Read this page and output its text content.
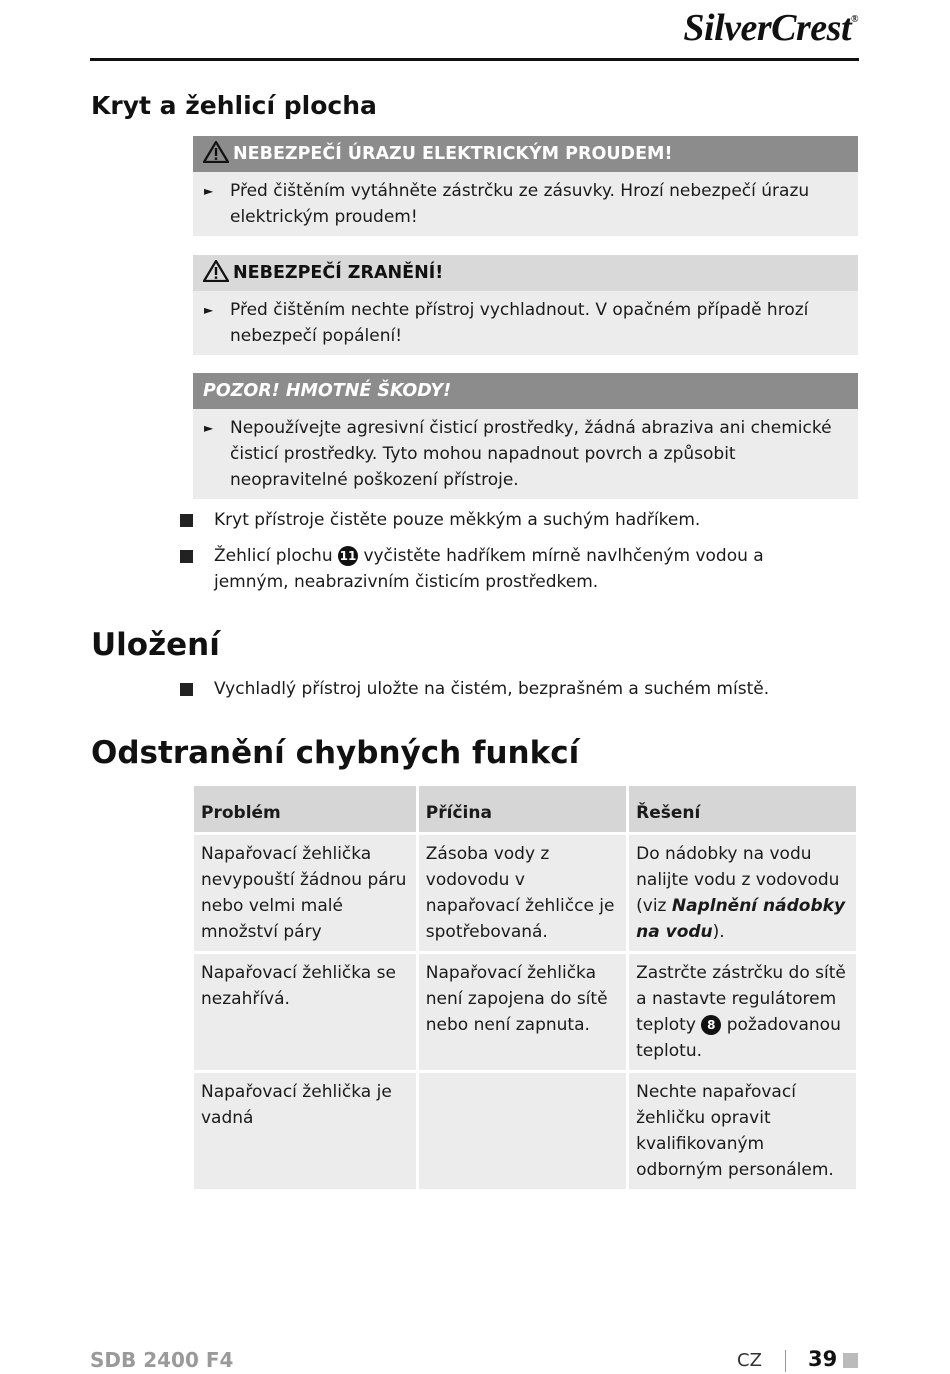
SilverCrest®
Kryt a žehlicí plocha
NEBEZPEČÍ ÚRAZU ELEKTRICKÝM PROUDEM!
► Před čištěním vytáhněte zástrčku ze zásuvky. Hrozí nebezpečí úrazu elektrickým proudem!
NEBEZPEČÍ ZRANĚNÍ!
► Před čištěním nechte přístroj vychladnout. V opačném případě hrozí nebezpečí popálení!
POZOR! HMOTNÉ ŠKODY!
► Nepoužívejte agresivní čisticí prostředky, žádná abraziva ani chemické čisticí prostředky. Tyto mohou napadnout povrch a způsobit neopravitelné poškození přístroje.
Kryt přístroje čistěte pouze měkkým a suchým hadříkem.
Žehlicí plochu 11 vyčistěte hadříkem mírně navlhčeným vodou a jemným, neabrazivním čisticím prostředkem.
Uložení
Vychladlý přístroj uložte na čistém, bezprašném a suchém místě.
Odstranění chybných funkcí
Problém	Příčina	Řešení
Napařovací žehlička nevypouští žádnou páru nebo velmi malé množství páry	Zásoba vody z vodovodu v napařovací žehličce je spotřebovaná.	Do nádobky na vodu nalijte vodu z vodovodu (viz Naplnění nádobky na vodu).
Napařovací žehlička se nezahřívá.	Napařovací žehlička není zapojena do sítě nebo není zapnuta.	Zastrčte zástrčku do sítě a nastavte regulátorem teploty 8 požadovanou teplotu.
Napařovací žehlička je vadná		Nechte napařovací žehličku opravit kvalifikovaným odborným personálem.
SDB 2400 F4	CZ 39
